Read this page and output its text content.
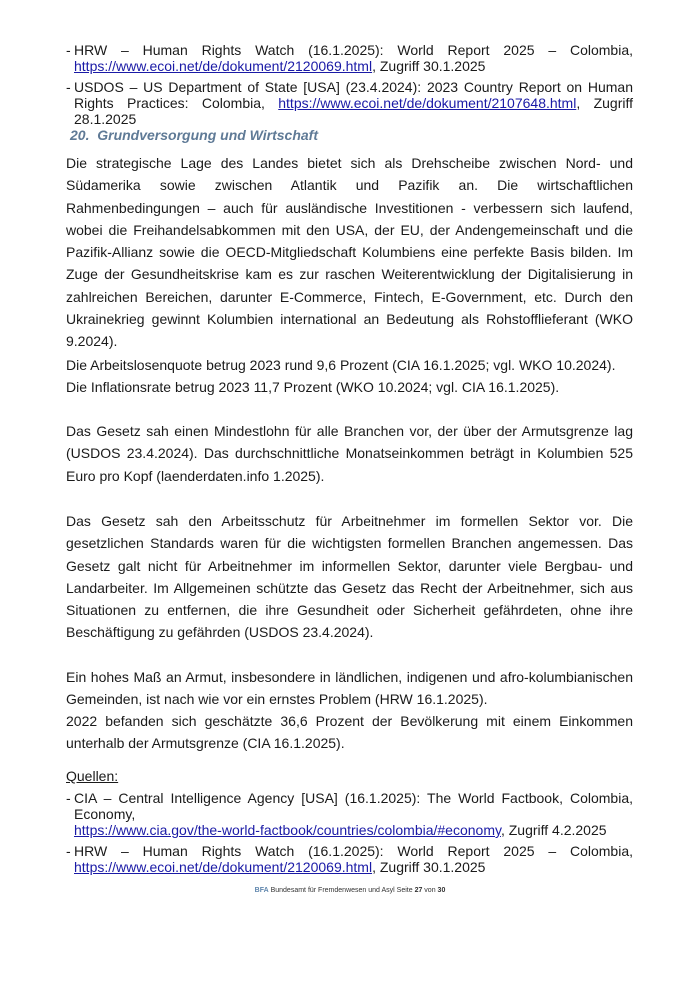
- HRW – Human Rights Watch (16.1.2025): World Report 2025 – Colombia,
https://www.ecoi.net/de/dokument/2120069.html, Zugriff 30.1.2025
- USDOS – US Department of State [USA] (23.4.2024): 2023 Country Report on Human Rights Practices: Colombia, https://www.ecoi.net/de/dokument/2107648.html, Zugriff 28.1.2025
20.  Grundversorgung und Wirtschaft
Die strategische Lage des Landes bietet sich als Drehscheibe zwischen Nord- und Südamerika sowie zwischen Atlantik und Pazifik an. Die wirtschaftlichen Rahmenbedingungen – auch für ausländische Investitionen - verbessern sich laufend, wobei die Freihandelsabkommen mit den USA, der EU, der Andengemeinschaft und die Pazifik-Allianz sowie die OECD-Mitgliedschaft Kolumbiens eine perfekte Basis bilden. Im Zuge der Gesundheitskrise kam es zur raschen Weiterentwicklung der Digitalisierung in zahlreichen Bereichen, darunter E-Commerce, Fintech, E-Government, etc. Durch den Ukrainekrieg gewinnt Kolumbien international an Bedeutung als Rohstofflieferant (WKO 9.2024).
Die Arbeitslosenquote betrug 2023 rund 9,6 Prozent (CIA 16.1.2025; vgl. WKO 10.2024).
Die Inflationsrate betrug 2023 11,7 Prozent (WKO 10.2024; vgl. CIA 16.1.2025).
Das Gesetz sah einen Mindestlohn für alle Branchen vor, der über der Armutsgrenze lag (USDOS 23.4.2024). Das durchschnittliche Monatseinkommen beträgt in Kolumbien 525 Euro pro Kopf (laenderdaten.info 1.2025).
Das Gesetz sah den Arbeitsschutz für Arbeitnehmer im formellen Sektor vor. Die gesetzlichen Standards waren für die wichtigsten formellen Branchen angemessen. Das Gesetz galt nicht für Arbeitnehmer im informellen Sektor, darunter viele Bergbau- und Landarbeiter. Im Allgemeinen schützte das Gesetz das Recht der Arbeitnehmer, sich aus Situationen zu entfernen, die ihre Gesundheit oder Sicherheit gefährdeten, ohne ihre Beschäftigung zu gefährden (USDOS 23.4.2024).
Ein hohes Maß an Armut, insbesondere in ländlichen, indigenen und afro-kolumbianischen Gemeinden, ist nach wie vor ein ernstes Problem (HRW 16.1.2025).
2022 befanden sich geschätzte 36,6 Prozent der Bevölkerung mit einem Einkommen unterhalb der Armutsgrenze (CIA 16.1.2025).
Quellen:
- CIA – Central Intelligence Agency [USA] (16.1.2025): The World Factbook, Colombia, Economy,
https://www.cia.gov/the-world-factbook/countries/colombia/#economy, Zugriff 4.2.2025
- HRW – Human Rights Watch (16.1.2025): World Report 2025 – Colombia,
https://www.ecoi.net/de/dokument/2120069.html, Zugriff 30.1.2025
BFA Bundesamt für Fremdenwesen und Asyl Seite 27 von 30
